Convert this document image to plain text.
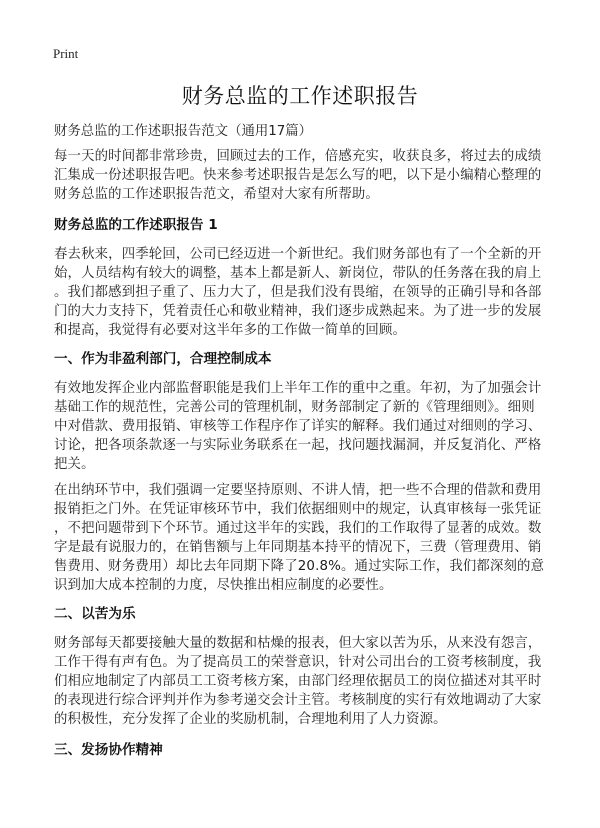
Print
财务总监的工作述职报告
财务总监的工作述职报告范文（通用17篇）
每一天的时间都非常珍贵，回顾过去的工作，倍感充实，收获良多，将过去的成绩
汇集成一份述职报告吧。快来参考述职报告是怎么写的吧，以下是小编精心整理的
财务总监的工作述职报告范文，希望对大家有所帮助。
财务总监的工作述职报告 1
春去秋来，四季轮回，公司已经迈进一个新世纪。我们财务部也有了一个全新的开
始，人员结构有较大的调整，基本上都是新人、新岗位，带队的任务落在我的肩上
。我们都感到担子重了、压力大了，但是我们没有畏缩，在领导的正确引导和各部
门的大力支持下，凭着责任心和敬业精神，我们逐步成熟起来。为了进一步的发展
和提高，我觉得有必要对这半年多的工作做一简单的回顾。
一、作为非盈利部门，合理控制成本
有效地发挥企业内部监督职能是我们上半年工作的重中之重。年初，为了加强会计
基础工作的规范性，完善公司的管理机制，财务部制定了新的《管理细则》。细则
中对借款、费用报销、审核等工作程序作了详实的解释。我们通过对细则的学习、
讨论，把各项条款逐一与实际业务联系在一起，找问题找漏洞，并反复消化、严格
把关。
在出纳环节中，我们强调一定要坚持原则、不讲人情，把一些不合理的借款和费用
报销拒之门外。在凭证审核环节中，我们依据细则中的规定，认真审核每一张凭证
，不把问题带到下个环节。通过这半年的实践，我们的工作取得了显著的成效。数
字是最有说服力的，在销售额与上年同期基本持平的情况下，三费（管理费用、销
售费用、财务费用）却比去年同期下降了20.8%。通过实际工作，我们都深刻的意
识到加大成本控制的力度，尽快推出相应制度的必要性。
二、以苦为乐
财务部每天都要接触大量的数据和枯燥的报表，但大家以苦为乐，从来没有怨言，
工作干得有声有色。为了提高员工的荣誉意识，针对公司出台的工资考核制度，我
们相应地制定了内部员工工资考核方案，由部门经理依据员工的岗位描述对其平时
的表现进行综合评判并作为参考递交会计主管。考核制度的实行有效地调动了大家
的积极性，充分发挥了企业的奖励机制，合理地利用了人力资源。
三、发扬协作精神
